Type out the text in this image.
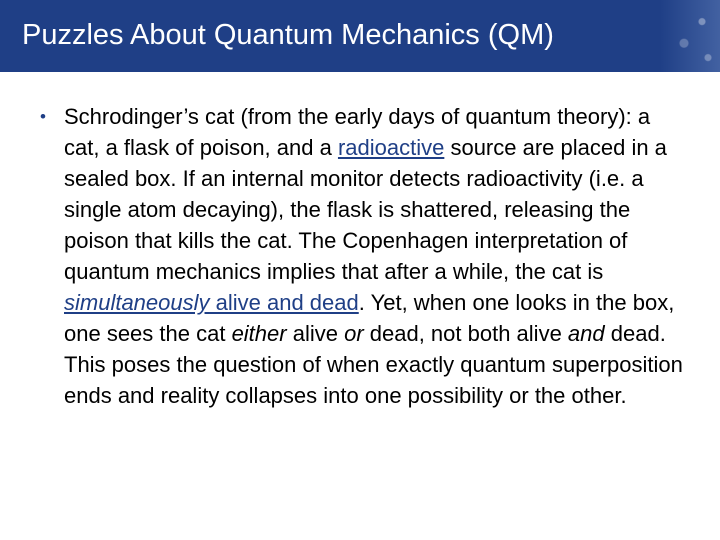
Puzzles About Quantum Mechanics (QM)
• Schrodinger’s cat (from the early days of quantum theory): a cat, a flask of poison, and a radioactive source are placed in a sealed box. If an internal monitor detects radioactivity (i.e. a single atom decaying), the flask is shattered, releasing the poison that kills the cat. The Copenhagen interpretation of quantum mechanics implies that after a while, the cat is simultaneously alive and dead. Yet, when one looks in the box, one sees the cat either alive or dead, not both alive and dead. This poses the question of when exactly quantum superposition ends and reality collapses into one possibility or the other.
